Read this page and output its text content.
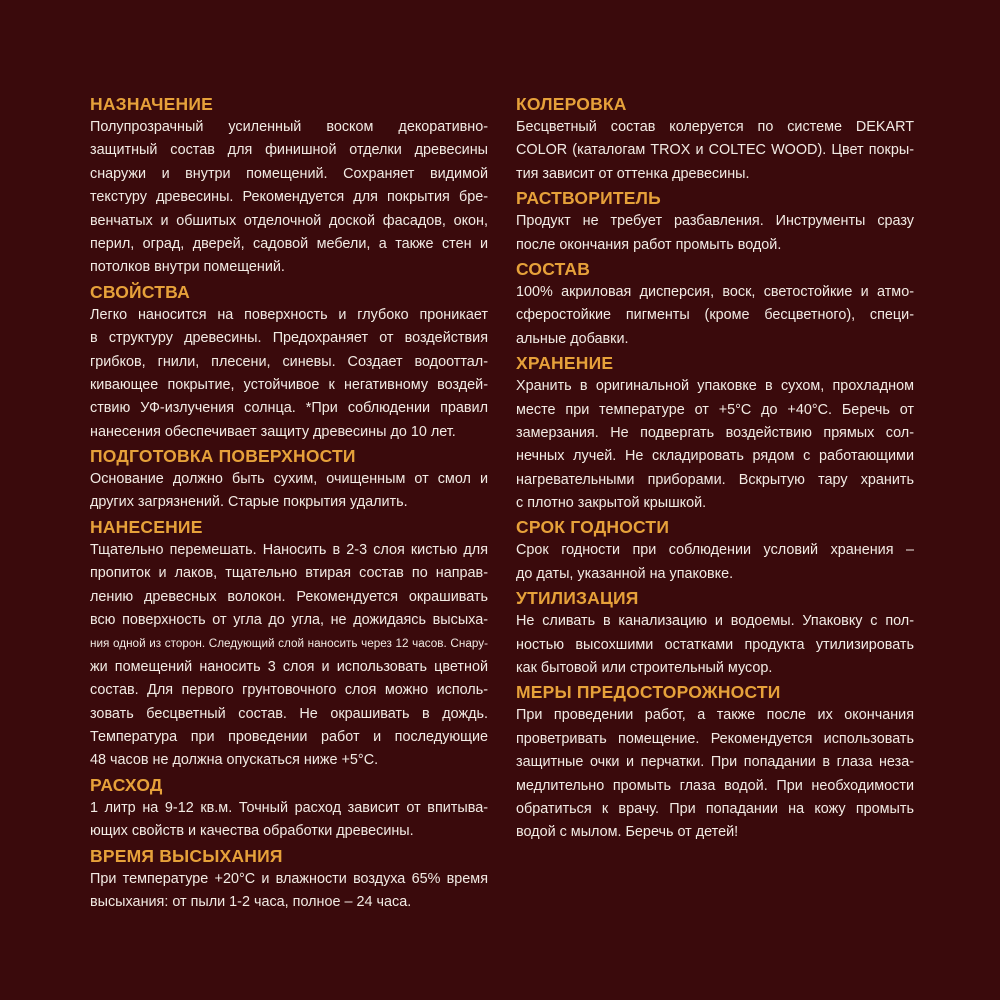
НАЗНАЧЕНИЕ
Полупрозрачный усиленный воском декоративно-
защитный состав для финишной отделки древесины
снаружи и внутри помещений. Сохраняет видимой
текстуру древесины. Рекомендуется для покрытия бре-
венчатых и обшитых отделочной доской фасадов, окон,
перил, оград, дверей, садовой мебели, а также стен и
потолков внутри помещений.
СВОЙСТВА
Легко наносится на поверхность и глубоко проникает
в структуру древесины. Предохраняет от воздействия
грибков, гнили, плесени, синевы. Создает водооттал-
кивающее покрытие, устойчивое к негативному воздей-
ствию УФ-излучения солнца. *При соблюдении правил
нанесения обеспечивает защиту древесины до 10 лет.
ПОДГОТОВКА ПОВЕРХНОСТИ
Основание должно быть сухим, очищенным от смол и
других загрязнений. Старые покрытия удалить.
НАНЕСЕНИЕ
Тщательно перемешать. Наносить в 2-3 слоя кистью для
пропиток и лаков, тщательно втирая состав по направ-
лению древесных волокон. Рекомендуется окрашивать
всю поверхность от угла до угла, не дожидаясь высыха-
ния одной из сторон. Следующий слой наносить через 12 часов. Снару-
жи помещений наносить 3 слоя и использовать цветной
состав. Для первого грунтовочного слоя можно исполь-
зовать бесцветный состав. Не окрашивать в дождь.
Температура при проведении работ и последующие
48 часов не должна опускаться ниже +5°С.
РАСХОД
1 литр на 9-12 кв.м. Точный расход зависит от впитыва-
ющих свойств и качества обработки древесины.
ВРЕМЯ ВЫСЫХАНИЯ
При температуре +20°С и влажности воздуха 65% время
высыхания: от пыли 1-2 часа, полное – 24 часа.
КОЛЕРОВКА
Бесцветный состав колеруется по системе DEKART
COLOR (каталогам TROX и COLTEC WOOD). Цвет покры-
тия зависит от оттенка древесины.
РАСТВОРИТЕЛЬ
Продукт не требует разбавления. Инструменты сразу
после окончания работ промыть водой.
СОСТАВ
100% акриловая дисперсия, воск, светостойкие и атмо-
сферостойкие пигменты (кроме бесцветного), специ-
альные добавки.
ХРАНЕНИЕ
Хранить в оригинальной упаковке в сухом, прохладном
месте при температуре от +5°С до +40°С. Беречь от
замерзания. Не подвергать воздействию прямых сол-
нечных лучей. Не складировать рядом с работающими
нагревательными приборами. Вскрытую тару хранить
с плотно закрытой крышкой.
СРОК ГОДНОСТИ
Срок годности при соблюдении условий хранения –
до даты, указанной на упаковке.
УТИЛИЗАЦИЯ
Не сливать в канализацию и водоемы. Упаковку с пол-
ностью высохшими остатками продукта утилизировать
как бытовой или строительный мусор.
МЕРЫ ПРЕДОСТОРОЖНОСТИ
При проведении работ, а также после их окончания
проветривать помещение. Рекомендуется использовать
защитные очки и перчатки. При попадании в глаза неза-
медлительно промыть глаза водой. При необходимости
обратиться к врачу. При попадании на кожу промыть
водой с мылом. Беречь от детей!
